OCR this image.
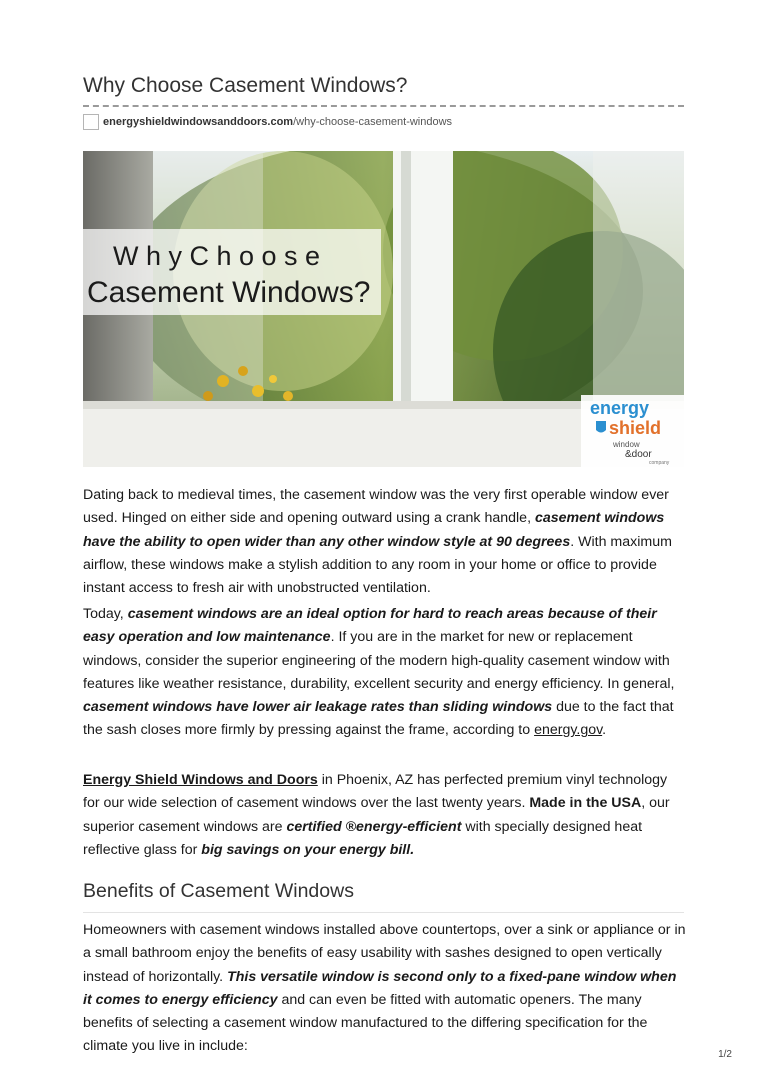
Why Choose Casement Windows?
energyshieldwindowsanddoors.com/why-choose-casement-windows
W h y C h o o s e
Casement Windows?
energy
shield
window
&door
company

Dating back to medieval times, the casement window was the very first operable window ever used. Hinged on either side and opening outward using a crank handle, casement windows have the ability to open wider than any other window style at 90 degrees. With maximum airflow, these windows make a stylish addition to any room in your home or office to provide instant access to fresh air with unobstructed ventilation.

Today, casement windows are an ideal option for hard to reach areas because of their easy operation and low maintenance. If you are in the market for new or replacement windows, consider the superior engineering of the modern high-quality casement window with features like weather resistance, durability, excellent security and energy efficiency. In general, casement windows have lower air leakage rates than sliding windows due to the fact that the sash closes more firmly by pressing against the frame, according to energy.gov.

Energy Shield Windows and Doors in Phoenix, AZ has perfected premium vinyl technology for our wide selection of casement windows over the last twenty years. Made in the USA, our superior casement windows are certified ®energy-efficient with specially designed heat reflective glass for big savings on your energy bill.

Benefits of Casement Windows

Homeowners with casement windows installed above countertops, over a sink or appliance or in a small bathroom enjoy the benefits of easy usability with sashes designed to open vertically instead of horizontally. This versatile window is second only to a fixed-pane window when it comes to energy efficiency and can even be fitted with automatic openers. The many benefits of selecting a casement window manufactured to the differing specification for the climate you live in include:

1/2
